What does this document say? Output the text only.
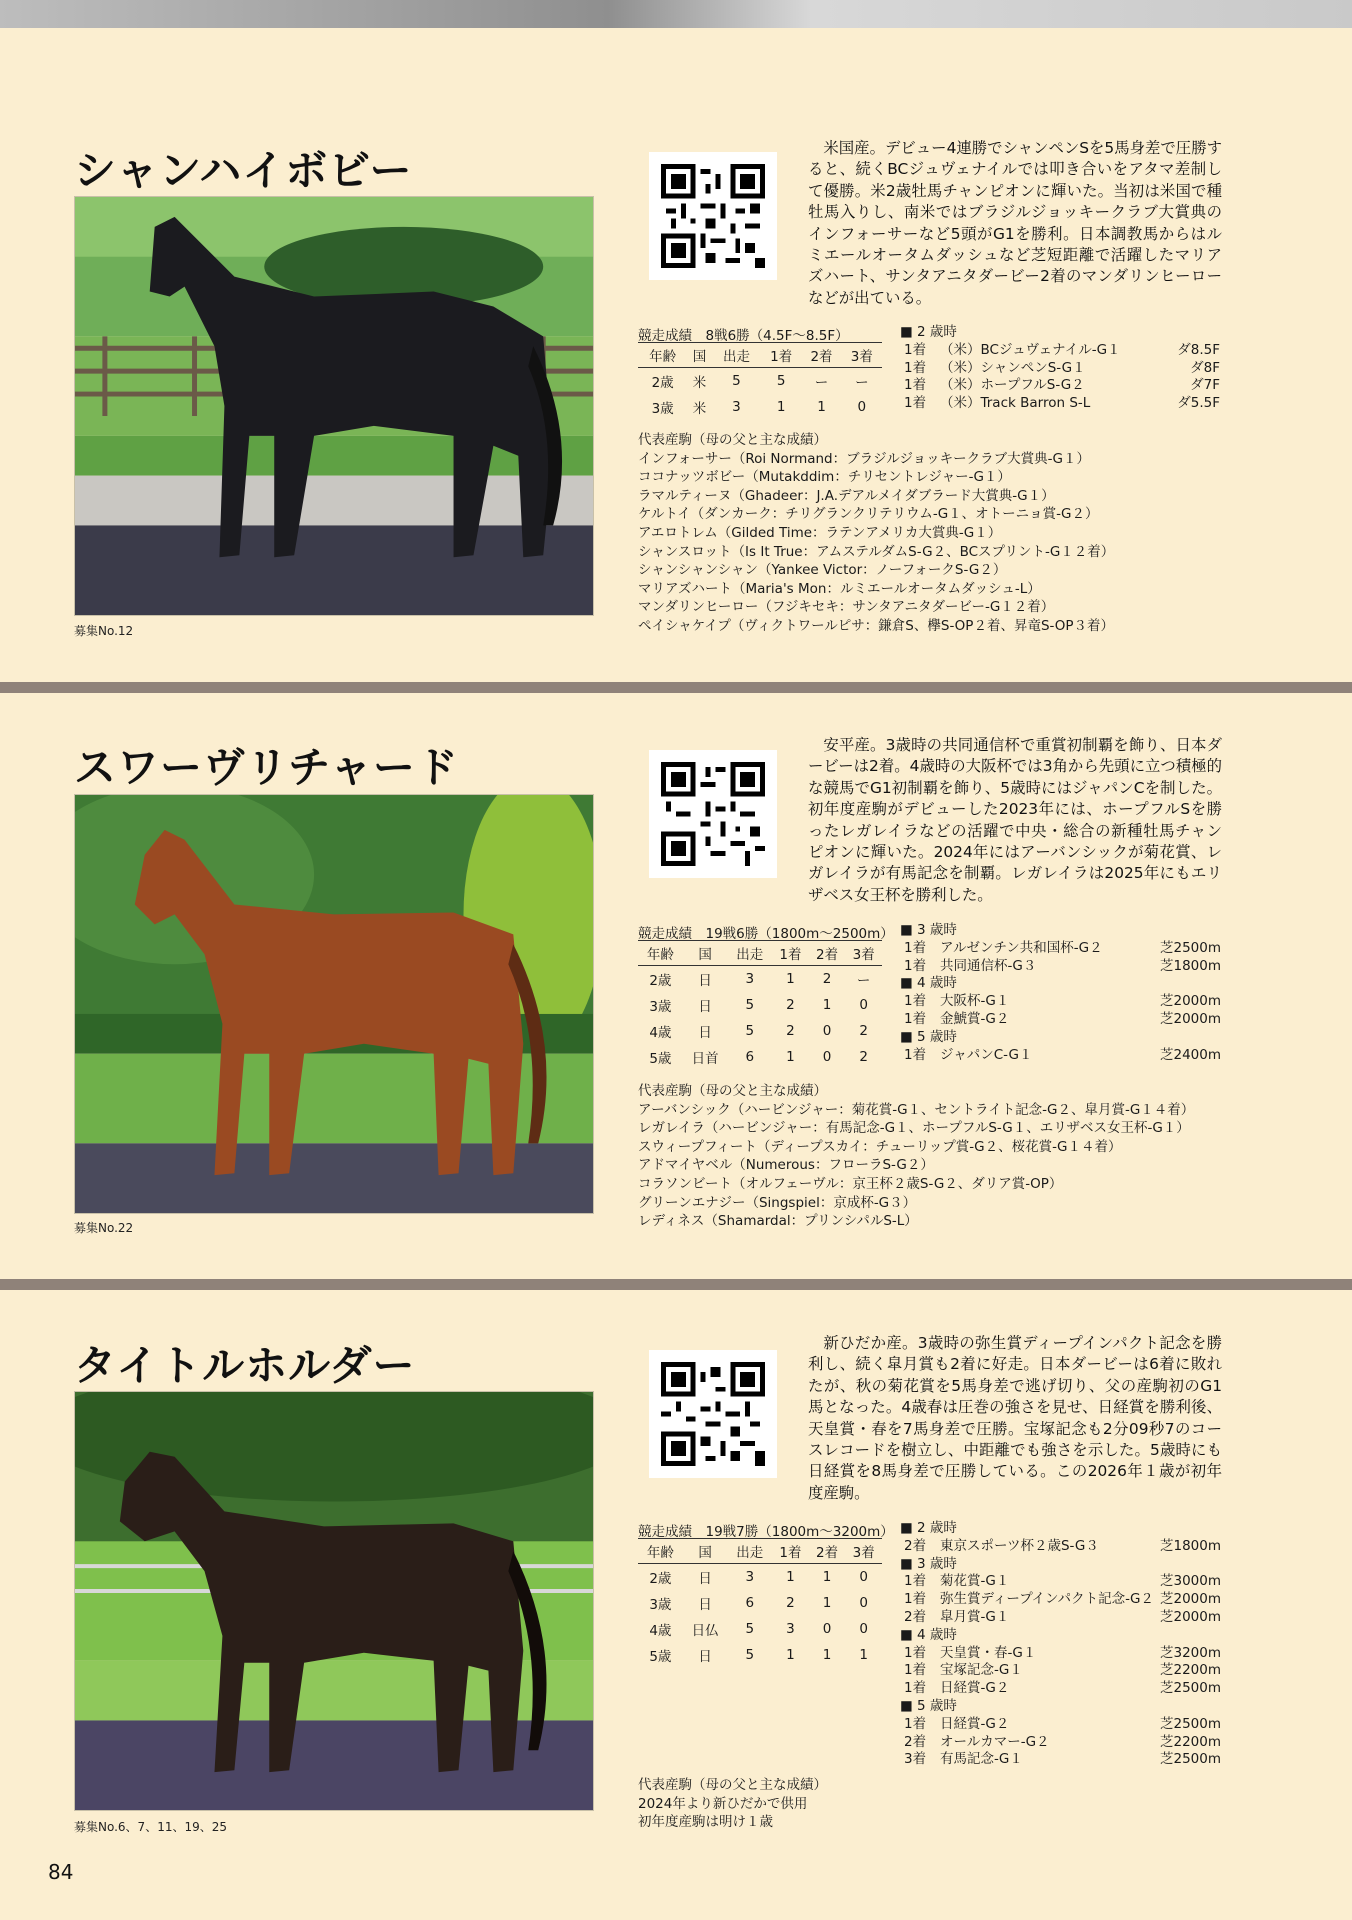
シャンハイボビー
募集No.12

米国産。デビュー4連勝でシャンペンSを5馬身差で圧勝すると、続くBCジュヴェナイルでは叩き合いをアタマ差制して優勝。米2歳牡馬チャンピオンに輝いた。当初は米国で種牡馬入りし、南米ではブラジルジョッキークラブ大賞典のインフォーサーなど5頭がG1を勝利。日本調教馬からはルミエールオータムダッシュなど芝短距離で活躍したマリアズハート、サンタアニタダービー2着のマンダリンヒーローなどが出ている。

競走成績　8戦6勝（4.5F〜8.5F）
年齢	国	出走	1着	2着	3着
2歳	米	5	5	ー	ー
3歳	米	3	1	1	0
■ 2 歳時
1着	（米）BCジュヴェナイル-G１	ダ8.5F
1着	（米）シャンペンS-G１	ダ8F
1着	（米）ホープフルS-G２	ダ7F
1着	（米）Track Barron S-L	ダ5.5F
代表産駒（母の父と主な成績）
インフォーサー（Roi Normand：ブラジルジョッキークラブ大賞典-G１）
ココナッツボビー（Mutakddim：チリセントレジャー-G１）
ラマルティーヌ（Ghadeer：J.A.デアルメイダブラード大賞典-G１）
ケルトイ（ダンカーク：チリグランクリテリウム-G１、オトーニョ賞-G２）
アエロトレム（Gilded Time：ラテンアメリカ大賞典-G１）
シャンスロット（Is It True：アムステルダムS-G２、BCスプリント-G１２着）
シャンシャンシャン（Yankee Victor：ノーフォークS-G２）
マリアズハート（Maria's Mon：ルミエールオータムダッシュ-L）
マンダリンヒーロー（フジキセキ：サンタアニタダービー-G１２着）
ペイシャケイプ（ヴィクトワールピサ：鎌倉S、欅S-OP２着、昇竜S-OP３着）
スワーヴリチャード
募集No.22

安平産。3歳時の共同通信杯で重賞初制覇を飾り、日本ダービーは2着。4歳時の大阪杯では3角から先頭に立つ積極的な競馬でG1初制覇を飾り、5歳時にはジャパンCを制した。初年度産駒がデビューした2023年には、ホープフルSを勝ったレガレイラなどの活躍で中央・総合の新種牡馬チャンピオンに輝いた。2024年にはアーバンシックが菊花賞、レガレイラが有馬記念を制覇。レガレイラは2025年にもエリザベス女王杯を勝利した。

競走成績　19戦6勝（1800m〜2500m）
年齢	国	出走	1着	2着	3着
2歳	日	3	1	2	ー
3歳	日	5	2	1	0
4歳	日	5	2	0	2
5歳	日首	6	1	0	2
■ 3 歳時
1着	アルゼンチン共和国杯-G２	芝2500m
1着	共同通信杯-G３	芝1800m
■ 4 歳時
1着	大阪杯-G１	芝2000m
1着	金鯱賞-G２	芝2000m
■ 5 歳時
1着	ジャパンC-G１	芝2400m
代表産駒（母の父と主な成績）
アーバンシック（ハービンジャー：菊花賞-G１、セントライト記念-G２、皐月賞-G１４着）
レガレイラ（ハービンジャー：有馬記念-G１、ホープフルS-G１、エリザベス女王杯-G１）
スウィープフィート（ディープスカイ：チューリップ賞-G２、桜花賞-G１４着）
アドマイヤベル（Numerous：フローラS-G２）
コラソンビート（オルフェーヴル：京王杯２歳S-G２、ダリア賞-OP）
グリーンエナジー（Singspiel：京成杯-G３）
レディネス（Shamardal：プリンシパルS-L）
タイトルホルダー
募集No.6、7、11、19、25

新ひだか産。3歳時の弥生賞ディープインパクト記念を勝利し、続く皐月賞も2着に好走。日本ダービーは6着に敗れたが、秋の菊花賞を5馬身差で逃げ切り、父の産駒初のG1馬となった。4歳春は圧巻の強さを見せ、日経賞を勝利後、天皇賞・春を7馬身差で圧勝。宝塚記念も2分09秒7のコースレコードを樹立し、中距離でも強さを示した。5歳時にも日経賞を8馬身差で圧勝している。この2026年１歳が初年度産駒。

競走成績　19戦7勝（1800m〜3200m）
年齢	国	出走	1着	2着	3着
2歳	日	3	1	1	0
3歳	日	6	2	1	0
4歳	日仏	5	3	0	0
5歳	日	5	1	1	1
■ 2 歳時
2着	東京スポーツ杯２歳S-G３	芝1800m
■ 3 歳時
1着	菊花賞-G１	芝3000m
1着	弥生賞ディープインパクト記念-G２ 芝2000m
2着	皐月賞-G１	芝2000m
■ 4 歳時
1着	天皇賞・春-G１	芝3200m
1着	宝塚記念-G１	芝2200m
1着	日経賞-G２	芝2500m
■ 5 歳時
1着	日経賞-G２	芝2500m
2着	オールカマー-G２	芝2200m
3着	有馬記念-G１	芝2500m
代表産駒（母の父と主な成績）
2024年より新ひだかで供用
初年度産駒は明け１歳
84
